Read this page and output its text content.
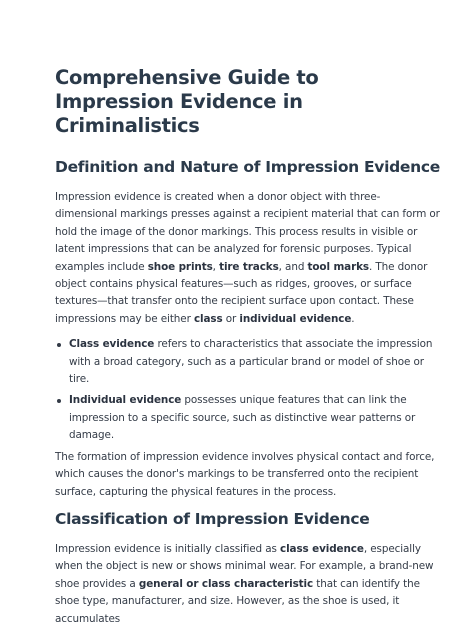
Comprehensive Guide to Impression Evidence in Criminalistics
Definition and Nature of Impression Evidence

Impression evidence is created when a donor object with three-dimensional markings presses against a recipient material that can form or hold the image of the donor markings. This process results in visible or latent impressions that can be analyzed for forensic purposes. Typical examples include shoe prints, tire tracks, and tool marks. The donor object contains physical features—such as ridges, grooves, or surface textures—that transfer onto the recipient surface upon contact. These impressions may be either class or individual evidence.

Class evidence refers to characteristics that associate the impression with a broad category, such as a particular brand or model of shoe or tire.
Individual evidence possesses unique features that can link the impression to a specific source, such as distinctive wear patterns or damage.

The formation of impression evidence involves physical contact and force, which causes the donor's markings to be transferred onto the recipient surface, capturing the physical features in the process.

Classification of Impression Evidence

Impression evidence is initially classified as class evidence, especially when the object is new or shows minimal wear. For example, a brand-new shoe provides a general or class characteristic that can identify the shoe type, manufacturer, and size. However, as the shoe is used, it accumulates
